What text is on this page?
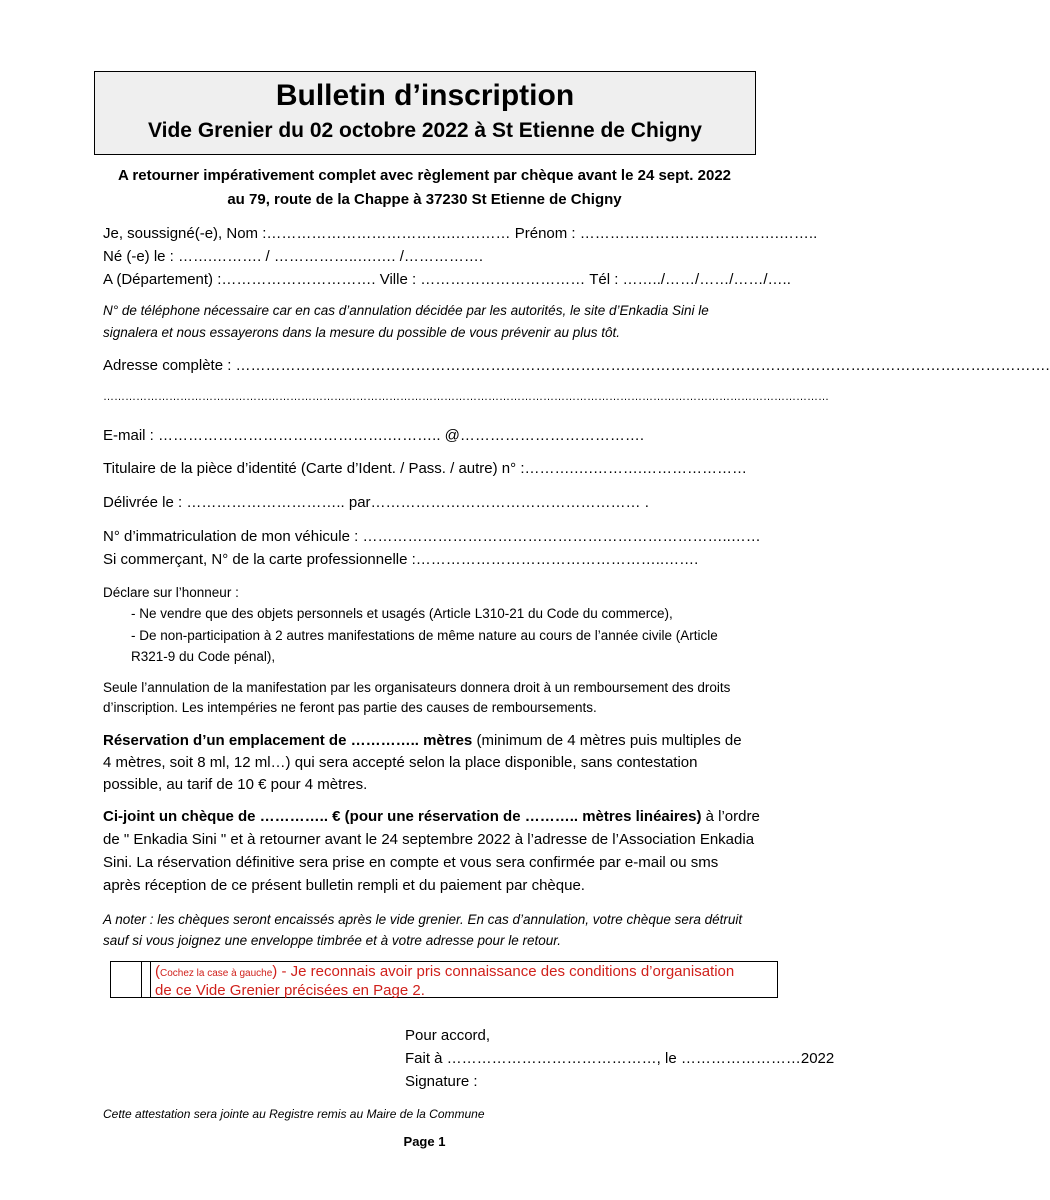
Bulletin d’inscription
Vide Grenier du 02 octobre 2022 à St Etienne de Chigny
A retourner impérativement complet avec règlement par chèque avant le 24 sept. 2022
au 79, route de la Chappe à 37230 St Etienne de Chigny
Je, soussigné(-e), Nom :……………………………….………… Prénom : ………………………………….……..
Né (-e) le : …….………. / ……………..….…. /…………….
A (Département) :…………………………. Ville : …………………………… Tél : ……../……/……/……/…..
N° de téléphone nécessaire car en cas d’annulation décidée par les autorités, le site d’Enkadia Sini le
signalera et nous essayerons dans la mesure du possible de vous prévenir au plus tôt.
Adresse complète : ……………………………………………………………………………………………………………………………………………….
………………………………………………………………………………………………………………………………………………………………………………
E-mail : ……………………………………….……….. @……………………………….
Titulaire de la pièce d’identité (Carte d’Ident. / Pass. / autre) n° :……….….……….…………………
Délivrée le : ………………………….. par……………………………………………… .
N° d’immatriculation de mon véhicule : ………………………………………………………………..……
Si commerçant, N° de la carte professionnelle :…………………………………………..…….
Déclare sur l’honneur :
- Ne vendre que des objets personnels et usagés (Article L310-21 du Code du commerce),
- De non-participation à 2 autres manifestations de même nature au cours de l’année civile (Article
R321-9 du Code pénal),
Seule l’annulation de la manifestation par les organisateurs donnera droit à un remboursement des droits
d’inscription. Les intempéries ne feront pas partie des causes de remboursements.
Réservation d’un emplacement de ………….. mètres (minimum de 4 mètres puis multiples de
4 mètres, soit 8 ml, 12 ml…) qui sera accepté selon la place disponible, sans contestation
possible, au tarif de 10 € pour 4 mètres.
Ci-joint un chèque de ………….. € (pour une réservation de ……….. mètres linéaires) à l’ordre
de " Enkadia Sini " et à retourner avant le 24 septembre 2022 à l’adresse de l’Association Enkadia
Sini. La réservation définitive sera prise en compte et vous sera confirmée par e-mail ou sms
après réception de ce présent bulletin rempli et du paiement par chèque.
A noter : les chèques seront encaissés après le vide grenier. En cas d’annulation, votre chèque sera détruit
sauf si vous joignez une enveloppe timbrée et à votre adresse pour le retour.
(Cochez la case à gauche) - Je reconnais avoir pris connaissance des conditions d’organisation
de ce Vide Grenier précisées en Page 2.
Pour accord,
Fait à ……………………………………, le ……………………2022
Signature :
Cette attestation sera jointe au Registre remis au Maire de la Commune
Page 1
